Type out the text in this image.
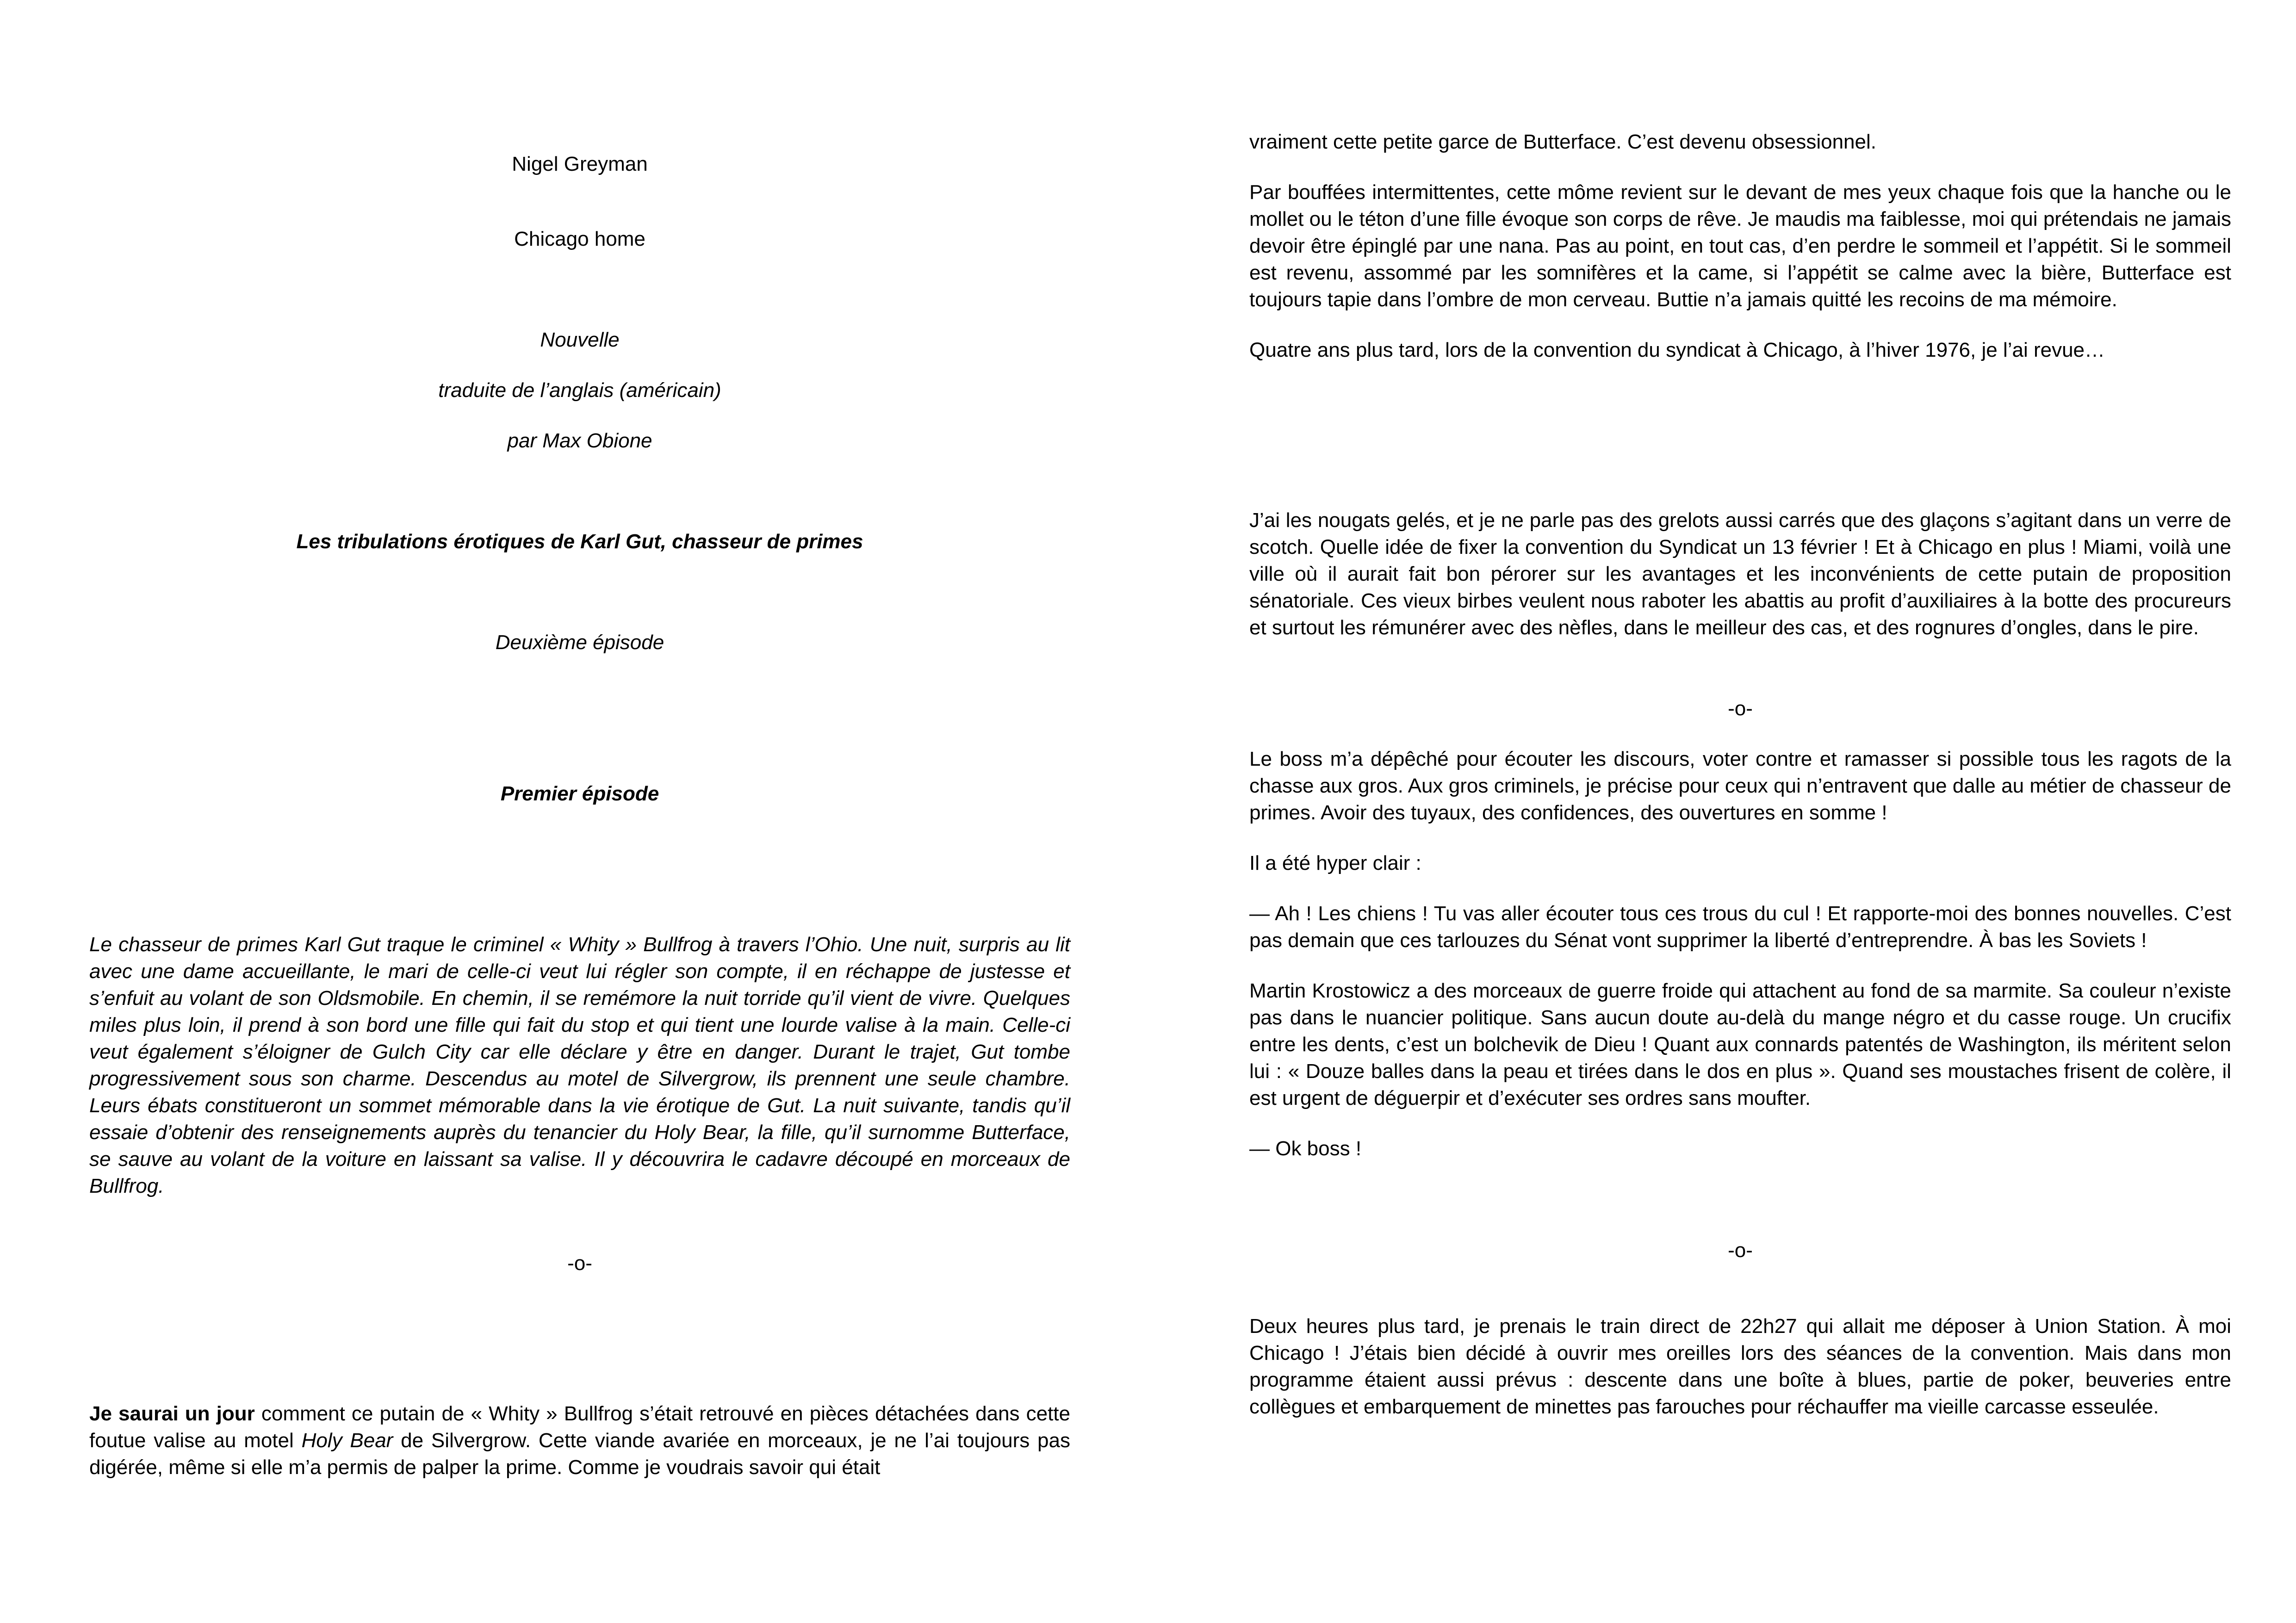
Nigel Greyman

Chicago home

Nouvelle

traduite de l’anglais (américain)

par Max Obione

Les tribulations érotiques de Karl Gut, chasseur de primes

Deuxième épisode

Premier épisode

Le chasseur de primes Karl Gut traque le criminel « Whity » Bullfrog à travers l’Ohio. Une nuit, surpris au lit avec une dame accueillante, le mari de celle-ci veut lui régler son compte, il en réchappe de justesse et s’enfuit au volant de son Oldsmobile. En chemin, il se remémore la nuit torride qu’il vient de vivre. Quelques miles plus loin, il prend à son bord une fille qui fait du stop et qui tient une lourde valise à la main. Celle-ci veut également s’éloigner de Gulch City car elle déclare y être en danger. Durant le trajet, Gut tombe progressivement sous son charme. Descendus au motel de Silvergrow, ils prennent une seule chambre. Leurs ébats constitueront un sommet mémorable dans la vie érotique de Gut. La nuit suivante, tandis qu’il essaie d’obtenir des renseignements auprès du tenancier du Holy Bear, la fille, qu’il surnomme Butterface, se sauve au volant de la voiture en laissant sa valise. Il y découvrira le cadavre découpé en morceaux de Bullfrog.

-o-

Je saurai un jour comment ce putain de « Whity » Bullfrog s’était retrouvé en pièces détachées dans cette foutue valise au motel Holy Bear de Silvergrow. Cette viande avariée en morceaux, je ne l’ai toujours pas digérée, même si elle m’a permis de palper la prime. Comme je voudrais savoir qui était

vraiment cette petite garce de Butterface. C’est devenu obsessionnel.

Par bouffées intermittentes, cette môme revient sur le devant de mes yeux chaque fois que la hanche ou le mollet ou le téton d’une fille évoque son corps de rêve. Je maudis ma faiblesse, moi qui prétendais ne jamais devoir être épinglé par une nana. Pas au point, en tout cas, d’en perdre le sommeil et l’appétit. Si le sommeil est revenu, assommé par les somnifères et la came, si l’appétit se calme avec la bière, Butterface est toujours tapie dans l’ombre de mon cerveau. Buttie n’a jamais quitté les recoins de ma mémoire.

Quatre ans plus tard, lors de la convention du syndicat à Chicago, à l’hiver 1976, je l’ai revue…

J’ai les nougats gelés, et je ne parle pas des grelots aussi carrés que des glaçons s’agitant dans un verre de scotch. Quelle idée de fixer la convention du Syndicat un 13 février ! Et à Chicago en plus ! Miami, voilà une ville où il aurait fait bon pérorer sur les avantages et les inconvénients de cette putain de proposition sénatoriale. Ces vieux birbes veulent nous raboter les abattis au profit d’auxiliaires à la botte des procureurs et surtout les rémunérer avec des nèfles, dans le meilleur des cas, et des rognures d’ongles, dans le pire.

-o-

Le boss m’a dépêché pour écouter les discours, voter contre et ramasser si possible tous les ragots de la chasse aux gros. Aux gros criminels, je précise pour ceux qui n’entravent que dalle au métier de chasseur de primes. Avoir des tuyaux, des confidences, des ouvertures en somme !

Il a été hyper clair :

— Ah ! Les chiens ! Tu vas aller écouter tous ces trous du cul ! Et rapporte-moi des bonnes nouvelles. C’est pas demain que ces tarlouzes du Sénat vont supprimer la liberté d’entreprendre. À bas les Soviets !

Martin Krostowicz a des morceaux de guerre froide qui attachent au fond de sa marmite. Sa couleur n’existe pas dans le nuancier politique. Sans aucun doute au-delà du mange négro et du casse rouge. Un crucifix entre les dents, c’est un bolchevik de Dieu ! Quant aux connards patentés de Washington, ils méritent selon lui : « Douze balles dans la peau et tirées dans le dos en plus ». Quand ses moustaches frisent de colère, il est urgent de déguerpir et d’exécuter ses ordres sans moufter.

— Ok boss !

-o-

Deux heures plus tard, je prenais le train direct de 22h27 qui allait me déposer à Union Station. À moi Chicago ! J’étais bien décidé à ouvrir mes oreilles lors des séances de la convention. Mais dans mon programme étaient aussi prévus : descente dans une boîte à blues, partie de poker, beuveries entre collègues et embarquement de minettes pas farouches pour réchauffer ma vieille carcasse esseulée.
